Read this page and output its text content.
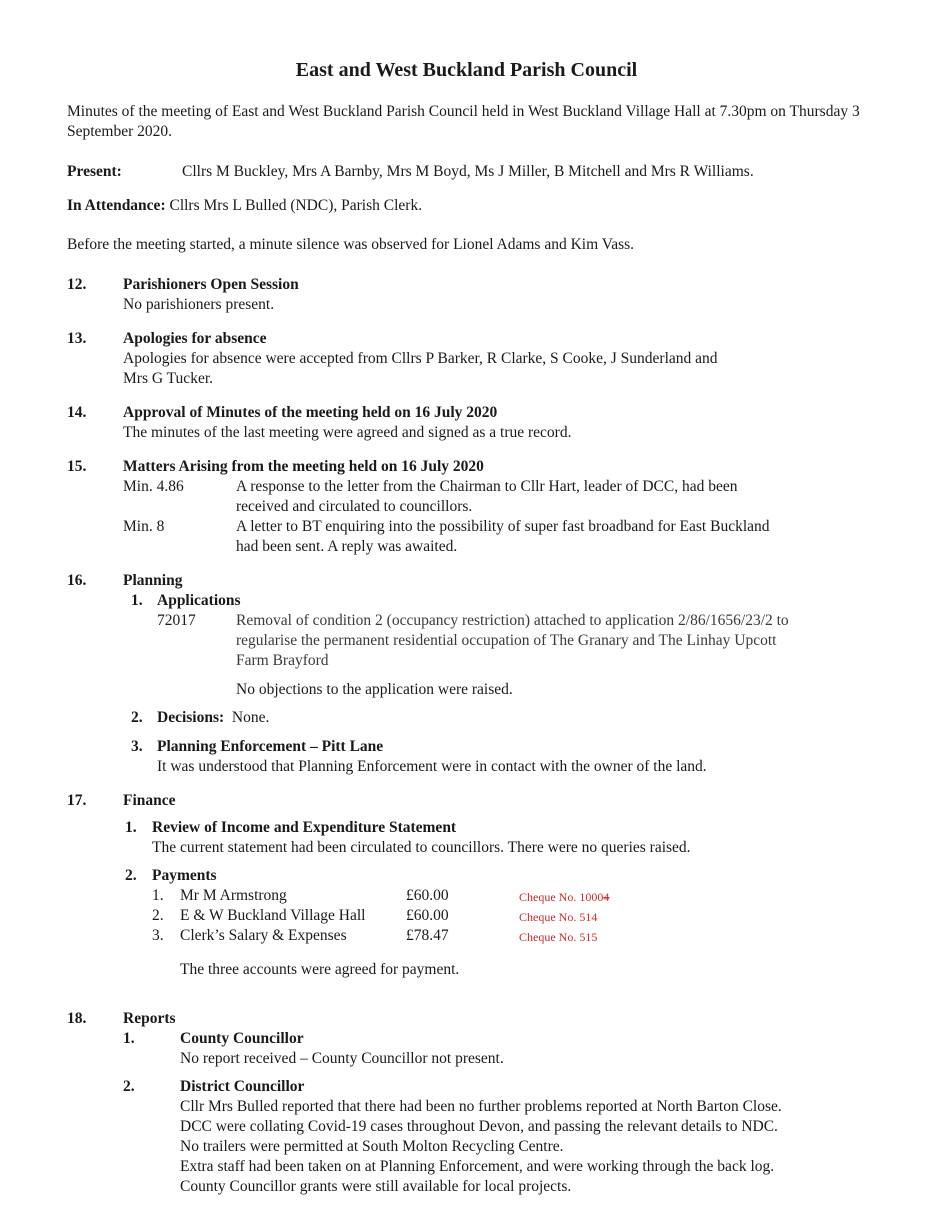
East and West Buckland Parish Council
Minutes of the meeting of East and West Buckland Parish Council held in West Buckland Village Hall at 7.30pm on Thursday 3 September 2020.
Present:	Cllrs M Buckley, Mrs A Barnby, Mrs M Boyd, Ms J Miller, B Mitchell and Mrs R Williams.
In Attendance: Cllrs Mrs L Bulled (NDC), Parish Clerk.
Before the meeting started, a minute silence was observed for Lionel Adams and Kim Vass.
12. Parishioners Open Session
No parishioners present.
13. Apologies for absence
Apologies for absence were accepted from Cllrs P Barker, R Clarke, S Cooke, J Sunderland and
Mrs G Tucker.
14. Approval of Minutes of the meeting held on 16 July 2020
The minutes of the last meeting were agreed and signed as a true record.
15. Matters Arising from the meeting held on 16 July 2020
Min. 4.86	A response to the letter from the Chairman to Cllr Hart, leader of DCC, had been
received and circulated to councillors.
Min. 8	A letter to BT enquiring into the possibility of super fast broadband for East Buckland
had been sent. A reply was awaited.
16. Planning
1. Applications
72017	Removal of condition 2 (occupancy restriction) attached to application 2/86/1656/23/2 to
regularise the permanent residential occupation of The Granary and The Linhay Upcott
Farm Brayford
No objections to the application were raised.
2. Decisions: None.
3. Planning Enforcement – Pitt Lane
It was understood that Planning Enforcement were in contact with the owner of the land.
17. Finance
1. Review of Income and Expenditure Statement
The current statement had been circulated to councillors. There were no queries raised.
2. Payments
1. Mr M Armstrong	£60.00	Cheque No. 10004
2. E & W Buckland Village Hall	£60.00	Cheque No. 514
3. Clerk’s Salary & Expenses	£78.47	Cheque No. 515
The three accounts were agreed for payment.
18. Reports
1.	County Councillor
No report received – County Councillor not present.
2.	District Councillor
Cllr Mrs Bulled reported that there had been no further problems reported at North Barton Close.
DCC were collating Covid-19 cases throughout Devon, and passing the relevant details to NDC.
No trailers were permitted at South Molton Recycling Centre.
Extra staff had been taken on at Planning Enforcement, and were working through the back log.
County Councillor grants were still available for local projects.
